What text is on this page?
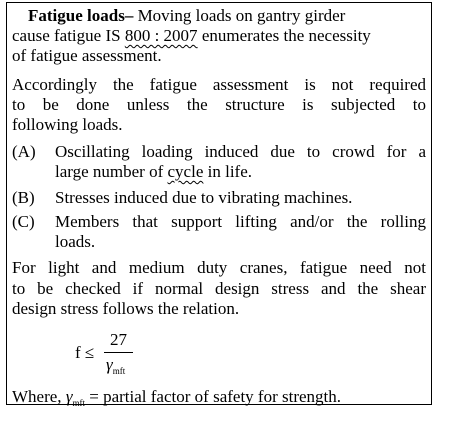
Fatigue loads– Moving loads on gantry girder
cause fatigue IS 800 : 2007 enumerates the necessity
of fatigue assessment.
Accordingly the fatigue assessment is not required
to be done unless the structure is subjected to
following loads.
(A) Oscillating loading induced due to crowd for a
large number of cycle in life.
(B) Stresses induced due to vibrating machines.
(C) Members that support lifting and/or the rolling
loads.
For light and medium duty cranes, fatigue need not
to be checked if normal design stress and the shear
design stress follows the relation.
f ≤
27
$\gamma_{mft}$
Where, $\gamma_{mft}$ = partial factor of safety for strength.
